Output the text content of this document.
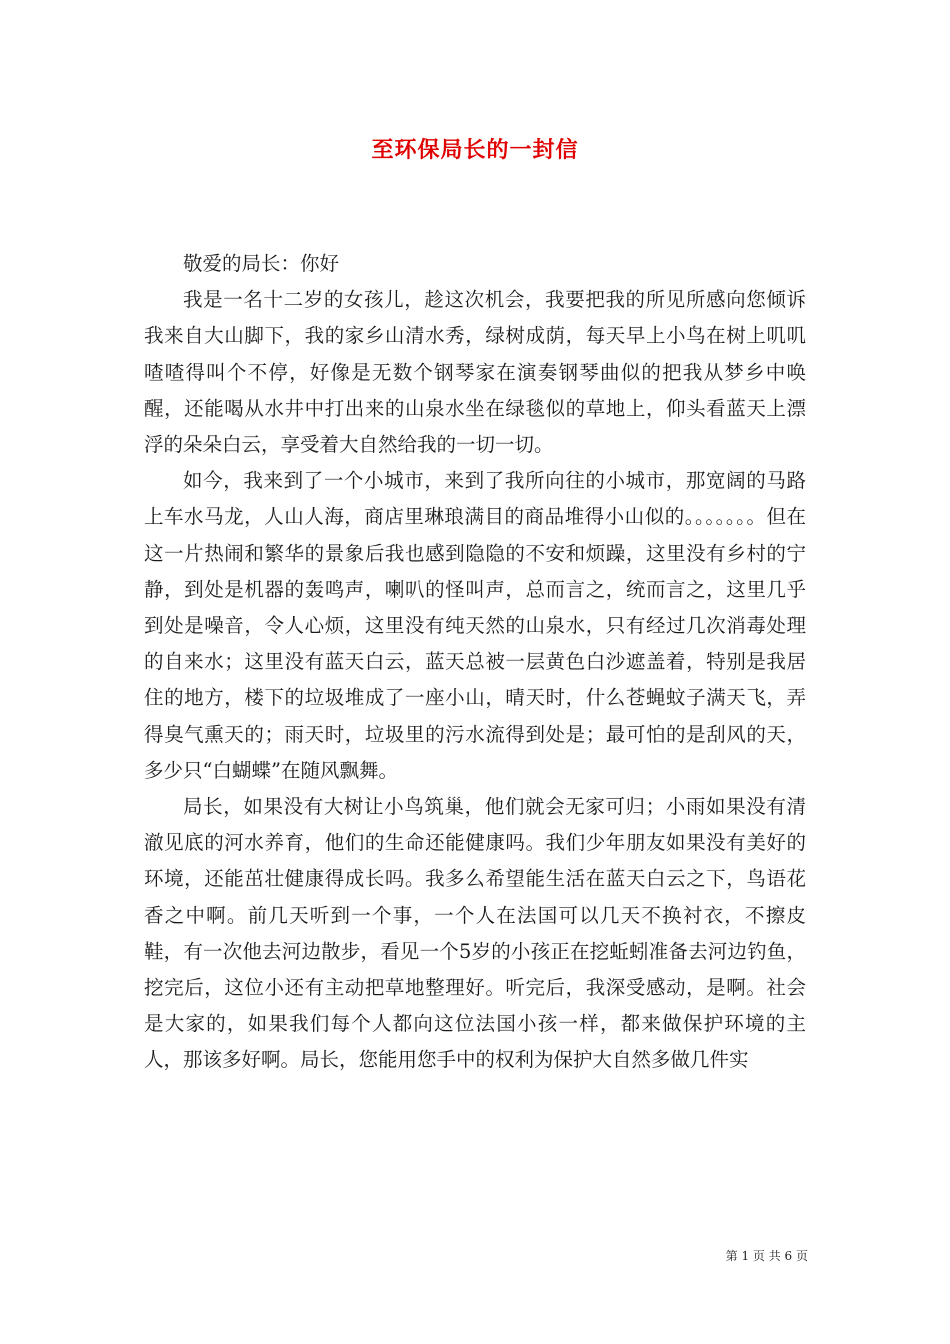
至环保局长的一封信

敬爱的局长：你好

我是一名十二岁的女孩儿，趁这次机会，我要把我的所见所感向您倾诉我来自大山脚下，我的家乡山清水秀，绿树成荫，每天早上小鸟在树上叽叽喳喳得叫个不停，好像是无数个钢琴家在演奏钢琴曲似的把我从梦乡中唤醒，还能喝从水井中打出来的山泉水坐在绿毯似的草地上，仰头看蓝天上漂浮的朵朵白云，享受着大自然给我的一切一切。

如今，我来到了一个小城市，来到了我所向往的小城市，那宽阔的马路上车水马龙，人山人海，商店里琳琅满目的商品堆得小山似的。。。。。。。但在这一片热闹和繁华的景象后我也感到隐隐的不安和烦躁，这里没有乡村的宁静，到处是机器的轰鸣声，喇叭的怪叫声，总而言之，统而言之，这里几乎到处是噪音，令人心烦，这里没有纯天然的山泉水，只有经过几次消毒处理的自来水；这里没有蓝天白云，蓝天总被一层黄色白沙遮盖着，特别是我居住的地方，楼下的垃圾堆成了一座小山，晴天时，什么苍蝇蚊子满天飞，弄得臭气熏天的；雨天时，垃圾里的污水流得到处是；最可怕的是刮风的天，多少只“白蝴蝶”在随风飘舞。

局长，如果没有大树让小鸟筑巢，他们就会无家可归；小雨如果没有清澈见底的河水养育，他们的生命还能健康吗。我们少年朋友如果没有美好的环境，还能茁壮健康得成长吗。我多么希望能生活在蓝天白云之下，鸟语花香之中啊。前几天听到一个事，一个人在法国可以几天不换衬衣，不擦皮鞋，有一次他去河边散步，看见一个5岁的小孩正在挖蚯蚓准备去河边钓鱼，挖完后，这位小还有主动把草地整理好。听完后，我深受感动，是啊。社会是大家的，如果我们每个人都向这位法国小孩一样，都来做保护环境的主人，那该多好啊。局长，您能用您手中的权利为保护大自然多做几件实

第 1 页 共 6 页
